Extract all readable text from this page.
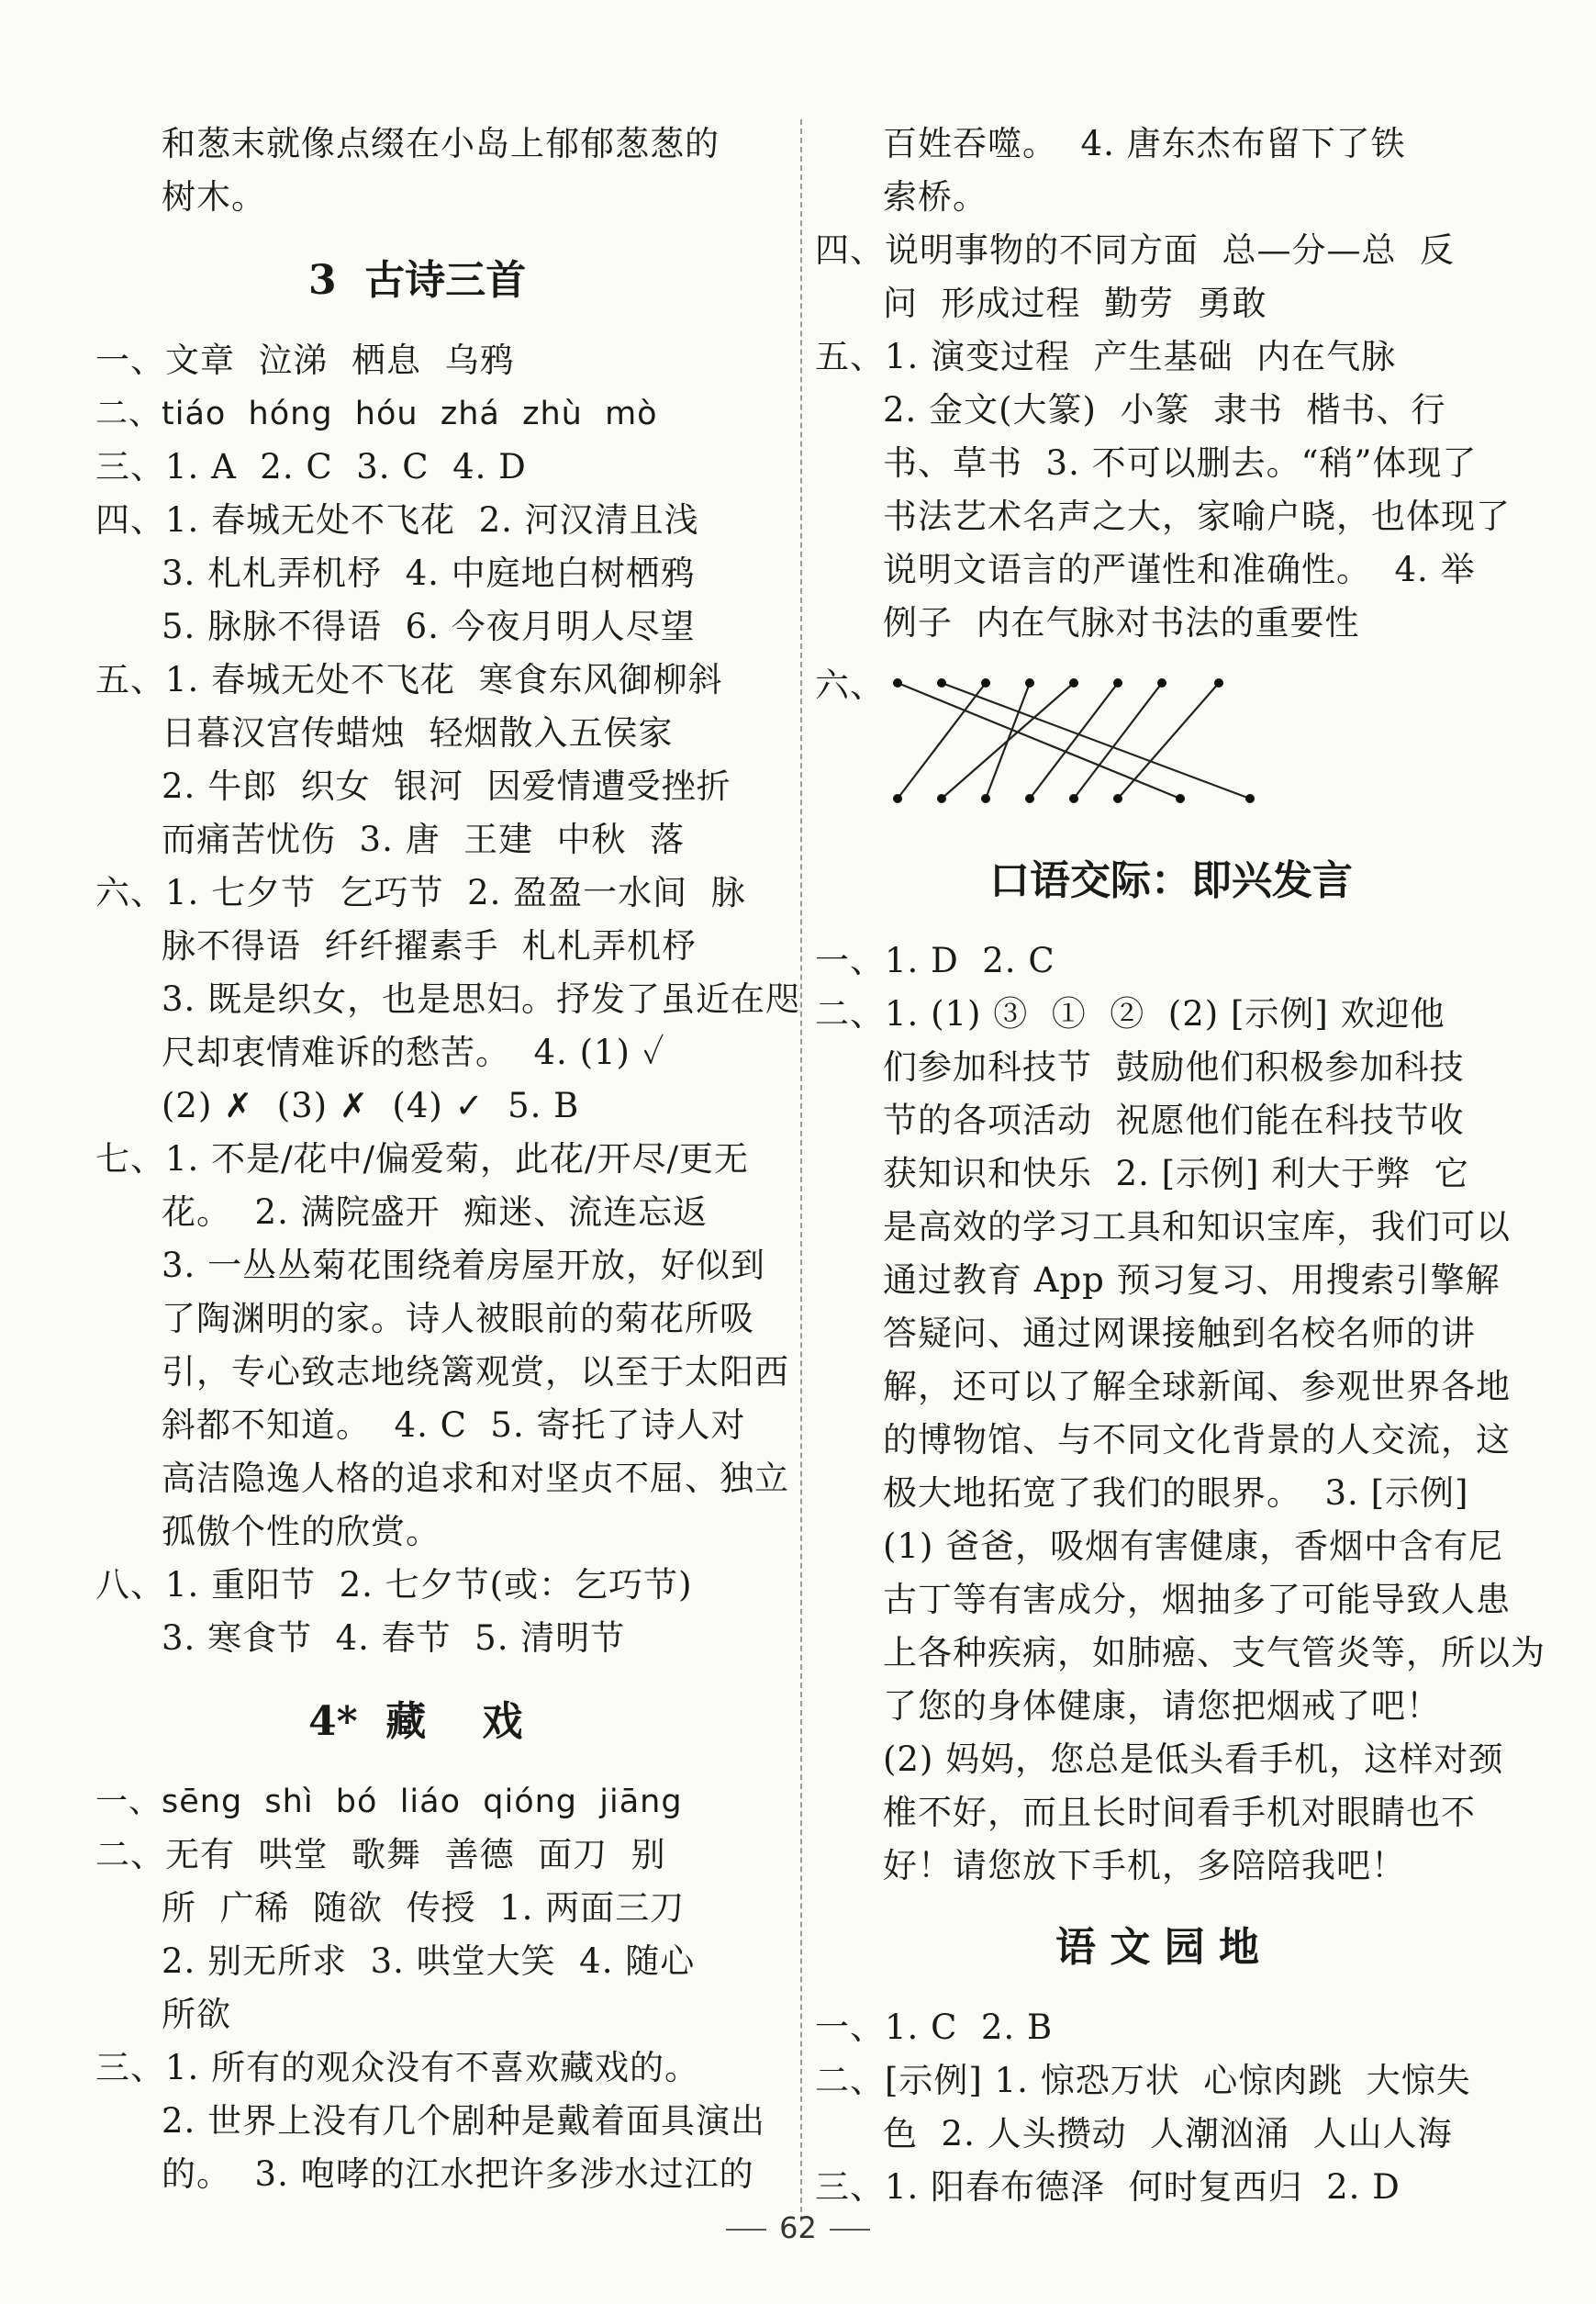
和葱末就像点缀在小岛上郁郁葱葱的
树木。
3  古诗三首
一、文章  泣涕  栖息  乌鸦
二、tiáo  hóng  hóu  zhá  zhù  mò
三、1. A  2. C  3. C  4. D
四、1. 春城无处不飞花  2. 河汉清且浅
3. 札札弄机杼  4. 中庭地白树栖鸦
5. 脉脉不得语  6. 今夜月明人尽望
五、1. 春城无处不飞花  寒食东风御柳斜
日暮汉宫传蜡烛  轻烟散入五侯家
2. 牛郎  织女  银河  因爱情遭受挫折
而痛苦忧伤  3. 唐  王建  中秋  落
六、1. 七夕节  乞巧节  2. 盈盈一水间  脉
脉不得语  纤纤擢素手  札札弄机杼
3. 既是织女，也是思妇。抒发了虽近在咫
尺却衷情难诉的愁苦。  4. (1) ✓
(2) ✗  (3) ✗  (4) ✓  5. B
七、1. 不是/花中/偏爱菊，此花/开尽/更无
花。  2. 满院盛开  痴迷、流连忘返
3. 一丛丛菊花围绕着房屋开放，好似到
了陶渊明的家。诗人被眼前的菊花所吸
引，专心致志地绕篱观赏，以至于太阳西
斜都不知道。  4. C  5. 寄托了诗人对
高洁隐逸人格的追求和对坚贞不屈、独立
孤傲个性的欣赏。
八、1. 重阳节  2. 七夕节(或：乞巧节)
3. 寒食节  4. 春节  5. 清明节
4*  藏    戏
一、sēng  shì  bó  liáo  qióng  jiāng
二、无有  哄堂  歌舞  善德  面刀  别
所  广稀  随欲  传授  1. 两面三刀
2. 别无所求  3. 哄堂大笑  4. 随心
所欲
三、1. 所有的观众没有不喜欢藏戏的。
2. 世界上没有几个剧种是戴着面具演出
的。  3. 咆哮的江水把许多涉水过江的
百姓吞噬。  4. 唐东杰布留下了铁
索桥。
四、说明事物的不同方面  总—分—总  反
问  形成过程  勤劳  勇敢
五、1. 演变过程  产生基础  内在气脉
2. 金文(大篆)  小篆  隶书  楷书、行
书、草书  3. 不可以删去。“稍”体现了
书法艺术名声之大，家喻户晓，也体现了
说明文语言的严谨性和准确性。  4. 举
例子  内在气脉对书法的重要性
六、
口语交际：即兴发言
一、1. D  2. C
二、1. (1) ③  ①  ②  (2) [示例] 欢迎他
们参加科技节  鼓励他们积极参加科技
节的各项活动  祝愿他们能在科技节收
获知识和快乐  2. [示例] 利大于弊  它
是高效的学习工具和知识宝库，我们可以
通过教育 App 预习复习、用搜索引擎解
答疑问、通过网课接触到名校名师的讲
解，还可以了解全球新闻、参观世界各地
的博物馆、与不同文化背景的人交流，这
极大地拓宽了我们的眼界。  3. [示例]
(1) 爸爸，吸烟有害健康，香烟中含有尼
古丁等有害成分，烟抽多了可能导致人患
上各种疾病，如肺癌、支气管炎等，所以为
了您的身体健康，请您把烟戒了吧！
(2) 妈妈，您总是低头看手机，这样对颈
椎不好，而且长时间看手机对眼睛也不
好！请您放下手机，多陪陪我吧！
语 文 园 地
一、1. C  2. B
二、[示例] 1. 惊恐万状  心惊肉跳  大惊失
色  2. 人头攒动  人潮汹涌  人山人海
三、1. 阳春布德泽  何时复西归  2. D
62
